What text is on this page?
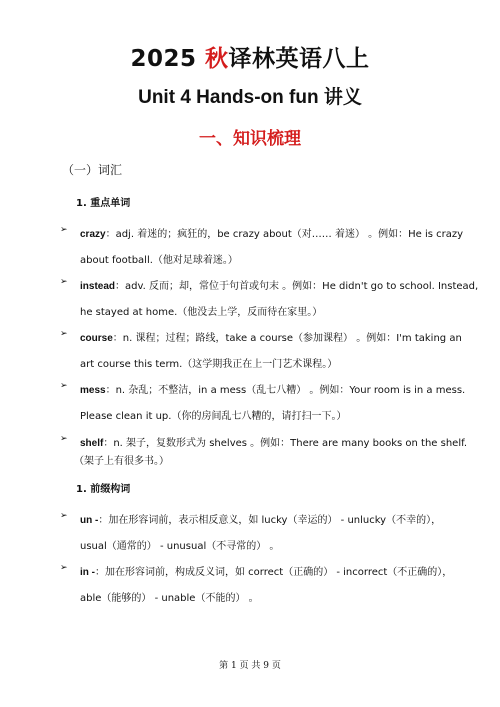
2025 秋译林英语八上
Unit 4 Hands-on fun 讲义
一、知识梳理
（一）词汇
1. 重点单词
➢ crazy：adj. 着迷的；疯狂的，be crazy about（对…… 着迷） 。例如：He is crazy
about football.（他对足球着迷。）
➢ instead：adv. 反而；却，常位于句首或句末 。例如：He didn't go to school. Instead,
he stayed at home.（他没去上学，反而待在家里。）
➢ course：n. 课程；过程；路线，take a course（参加课程） 。例如：I'm taking an
art course this term.（这学期我正在上一门艺术课程。）
➢ mess：n. 杂乱；不整洁，in a mess（乱七八糟） 。例如：Your room is in a mess.
Please clean it up.（你的房间乱七八糟的，请打扫一下。）
➢ shelf：n. 架子，复数形式为 shelves 。例如：There are many books on the shelf.
（架子上有很多书。）
1. 前缀构词
➢ un -：加在形容词前，表示相反意义，如 lucky（幸运的） - unlucky（不幸的），
usual（通常的） - unusual（不寻常的） 。
➢ in -：加在形容词前，构成反义词，如 correct（正确的） - incorrect（不正确的），
able（能够的） - unable（不能的） 。
第 1 页 共 9 页
